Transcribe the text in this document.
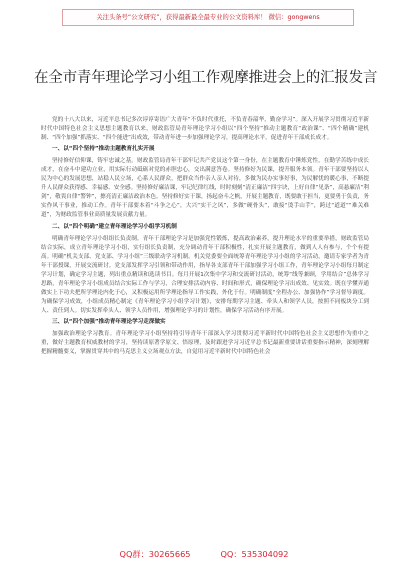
关注头条号“公文研究”，获得最新最全最专业的公文资料库！ 微信：gongwens
在全市青年理论学习小组工作观摩推进会上的汇报发言

党的十八大以来，习近平总书记多次谆谆寄语广大青年“不负时代重托，不负青春韶华，勤奋学习”。深入开展学习贯彻习近平新时代中国特色社会主义思想主题教育以来，财政监管局青年理论学习小组以“四个坚持”推动主题教育“政治课”、“四个精确”建机制、“四个加强”抓落实、“四个能进”出成效，带动青年进一步加强理论学习，提高理论水平，促进青年干部成长成才。

一、以“四个坚持”推动主题教育扎实开展

坚持修好信仰课，铸牢忠诚之基。财政监管局青年干部牢记共产党员这个第一身份，在主题教育中锤炼党性，在勤学苦练中成长成才，在奋斗中建功立业，用实际行动砥砺对党的赤胆忠心，交出满意答卷。坚持修好为民课，提升服务本领。青年干部要坚持以人民为中心的发展思想，站稳人民立场，心系人民群众，把群众当作亲人亲人对待，多做为民办实事好事，为民解忧的暖心事，不断提升人民群众获得感、幸福感、安全感。坚持修好廉洁课，牢记纪律红线，时时刻刻“清正廉洁”四字诀，上好自律“见条”，高悬廉洁“利剑”，敬畏自律“警钟”，擦亮清正廉洁政治本色。坚持修好实干课，扬起奋斗之帆，开展主题教育，既要敢于担当，更要勇于负责，务实作风干事业，推动工作。青年干部要本着“斗争之心”，大兴“实干之风”，多做“硬骨头”，敢接“烫手山芋”，跨过“道道”“难关难道”，为财政监管事业高质量发展贡献力量。

二、以“四个明确”建立青年理论学习小组学习机制

明确青年理论学习小组组长负责制。青年干部理论学习是加强党性锻炼，提高政治素养，提升理论水平的重要举措，财政监管局结合实际，成立青年理论学习小组，实行组长负责制，充分调动青年干部积极性，扎实开展主题教育，做到人人有参与，个个有提高。明确“机关支部、党支部、学习小组”三级联动学习机制。机关党委要全面统筹青年理论学习小组的学习活动，邀请专家学者为青年干部授课，开展交流研讨。党支部发挥学习引领和带动作用，指导各支部青年干部加强学习小组工作，青年理论学习小组每月制定学习计划，确定学习主题，列出重点精读和选读书目。每月开展1次集中学习和交流研讨活动，统筹“线等兼顾，学用结合”总体学习思路，青年理论学习小组成员结合实际工作与学习，合理安排活动内容、时间和形式，确保理论学习出成效、见实效。既在学懂弄通做实上下功夫把所学理论内化于心，又积极运用所学理论指导工作实践，外化于行。明确制度“全程办公、加强协作”学习督导调度。为确保学习成效，小组成员精心制定《青年理论学习小组学习计划》，安排每期学习主题、牵头人和领学人员，按照不同板块分工到人、责任到人。切实发挥牵头人、领学人员作用，增强理论学习的计划性，确保学习活动有序开展。

三、以“四个加强”推动青年理论学习走深做实

加强政治理论学习教育。青年理论学习小组坚持将引导青年干部深入学习贯彻习近平新时代中国特色社会主义思想作为重中之重，做好主题教育权威教材的学习，坚持读原著学原文、悟原理，及时跟进学习习近平总书记最新重要讲话重要指示精神，深刻理解把握精髓要义，掌握贯穿其中的马克思主义立场观点方法，自觉用习近平新时代中国特色社会

QQ群：30265665	QQ：535304092
